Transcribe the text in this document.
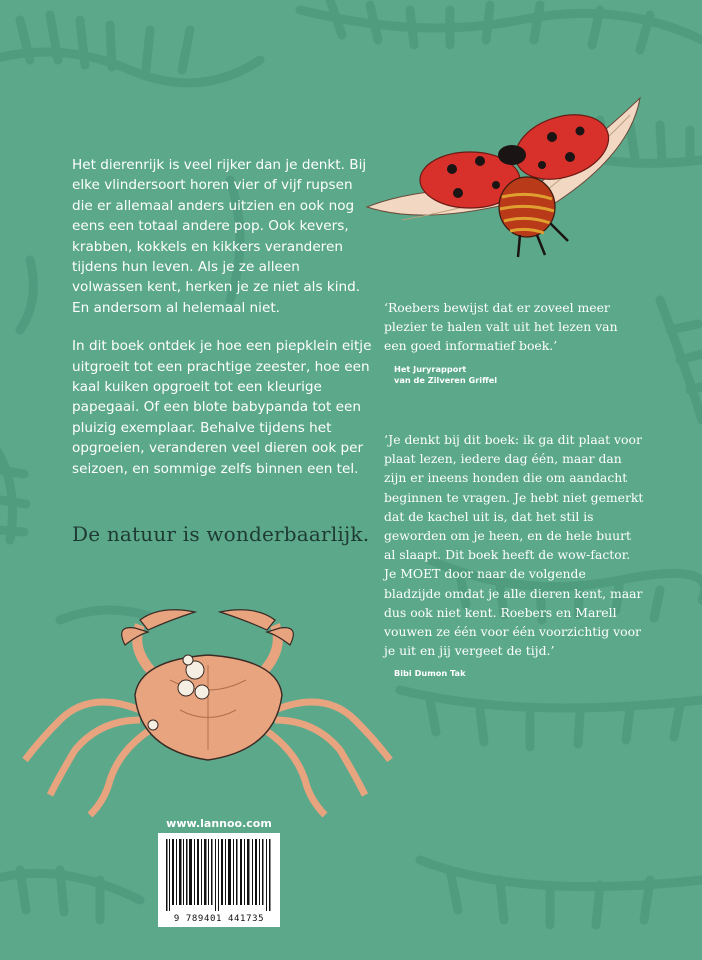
Het dierenrijk is veel rijker dan je denkt. Bij elke vlindersoort horen vier of vijf rupsen die er allemaal anders uitzien en ook nog eens een totaal andere pop. Ook kevers, krabben, kokkels en kikkers veranderen tijdens hun leven. Als je ze alleen volwassen kent, herken je ze niet als kind. En andersom al helemaal niet.

In dit boek ontdek je hoe een piepklein eitje uitgroeit tot een prachtige zeester, hoe een kaal kuiken opgroeit tot een kleurige papegaai. Of een blote babypanda tot een pluizig exemplaar. Behalve tijdens het opgroeien, veranderen veel dieren ook per seizoen, en sommige zelfs binnen een tel.

De natuur is wonderbaarlijk.

‘Roebers bewijst dat er zoveel meer plezier te halen valt uit het lezen van een goed informatief boek.’

Het Juryrapport
van de Zilveren Griffel

‘Je denkt bij dit boek: ik ga dit plaat voor plaat lezen, iedere dag één, maar dan zijn er ineens honden die om aandacht beginnen te vragen. Je hebt niet gemerkt dat de kachel uit is, dat het stil is geworden om je heen, en de hele buurt al slaapt. Dit boek heeft de wow-factor. Je MOET door naar de volgende bladzijde omdat je alle dieren kent, maar dus ook niet kent. Roebers en Marell vouwen ze één voor één voorzichtig voor je uit en jij vergeet de tijd.’

Bibi Dumon Tak
www.lannoo.com
9 789401 441735
